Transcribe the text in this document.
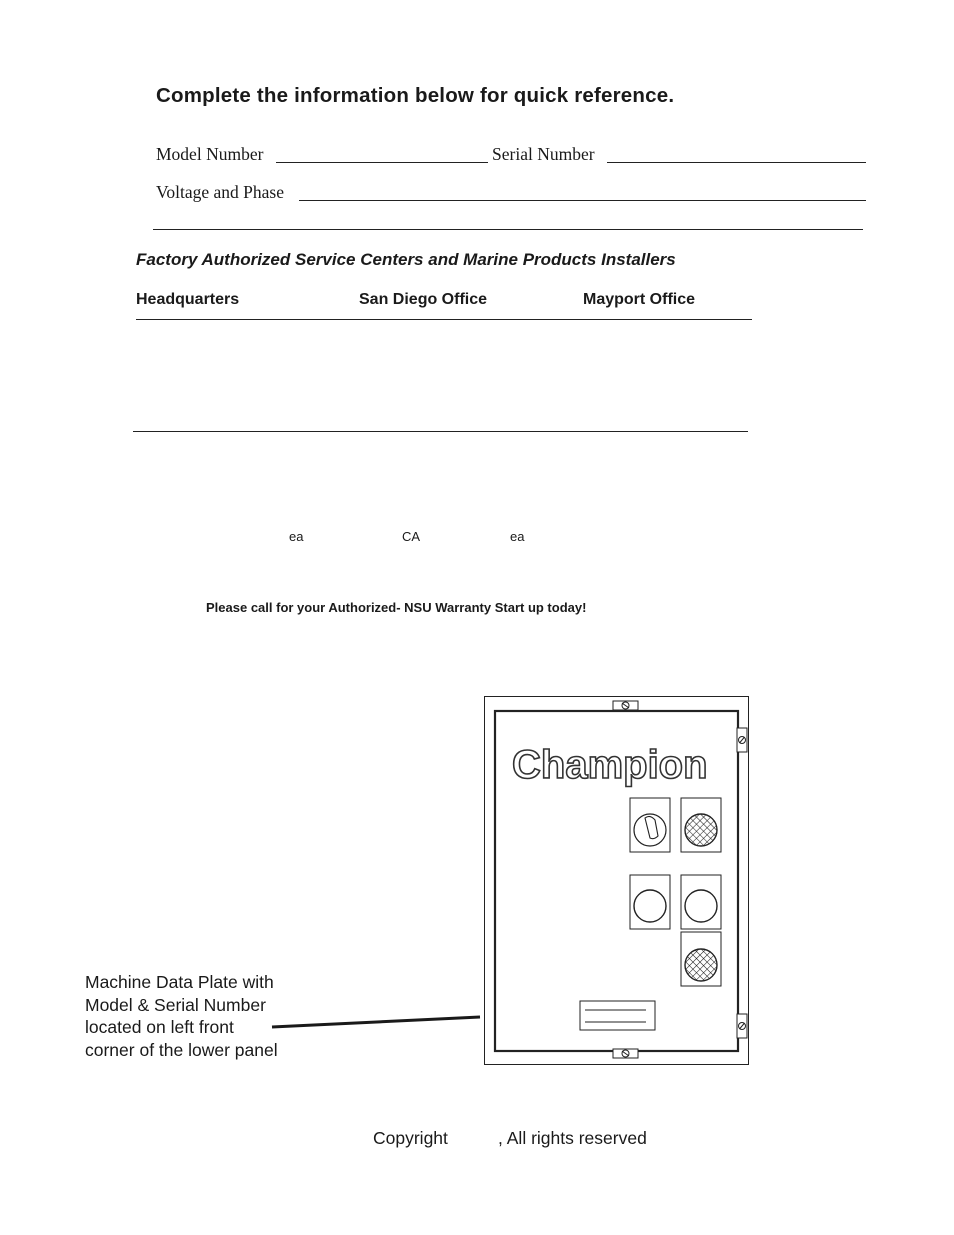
Complete the information below for quick reference.
Model Number	Serial Number
Voltage and Phase
Factory Authorized Service Centers and Marine Products Installers
Headquarters	San Diego Office	Mayport Office
ea	CA	ea
Please call for your Authorized- NSU Warranty Start up today!
Champion
Machine Data Plate with
Model & Serial Number
located on left front
corner of the lower panel
Copyright	, All rights reserved
